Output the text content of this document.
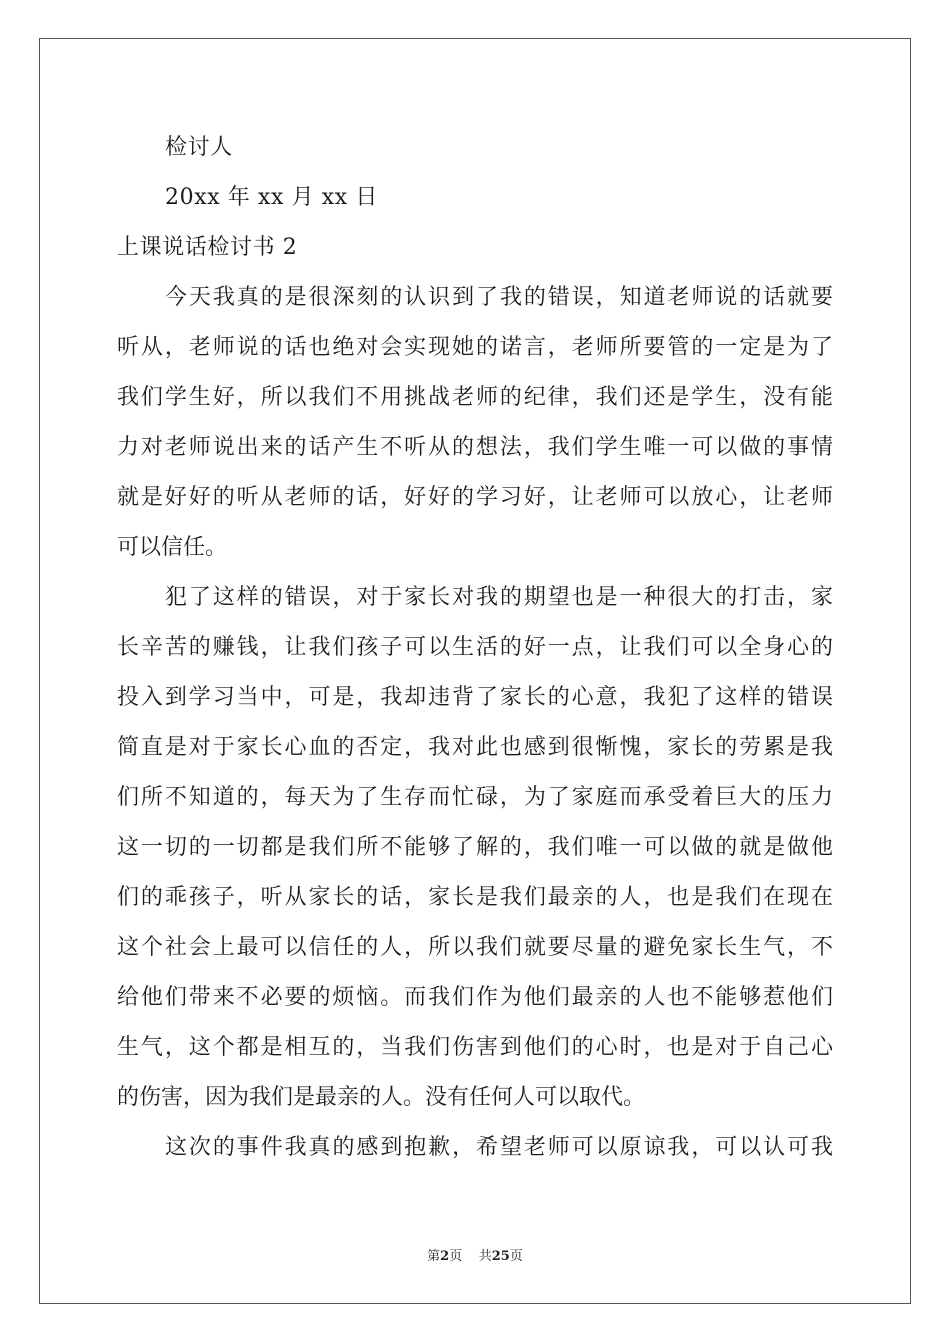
检讨人
20xx 年 xx 月 xx 日
上课说话检讨书 2
今天我真的是很深刻的认识到了我的错误，知道老师说的话就要
听从，老师说的话也绝对会实现她的诺言，老师所要管的一定是为了
我们学生好，所以我们不用挑战老师的纪律，我们还是学生，没有能
力对老师说出来的话产生不听从的想法，我们学生唯一可以做的事情
就是好好的听从老师的话，好好的学习好，让老师可以放心，让老师
可以信任。
犯了这样的错误，对于家长对我的期望也是一种很大的打击，家
长辛苦的赚钱，让我们孩子可以生活的好一点，让我们可以全身心的
投入到学习当中，可是，我却违背了家长的心意，我犯了这样的错误
简直是对于家长心血的否定，我对此也感到很惭愧，家长的劳累是我
们所不知道的，每天为了生存而忙碌，为了家庭而承受着巨大的压力
这一切的一切都是我们所不能够了解的，我们唯一可以做的就是做他
们的乖孩子，听从家长的话，家长是我们最亲的人，也是我们在现在
这个社会上最可以信任的人，所以我们就要尽量的避免家长生气，不
给他们带来不必要的烦恼。而我们作为他们最亲的人也不能够惹他们
生气，这个都是相互的，当我们伤害到他们的心时，也是对于自己心
的伤害，因为我们是最亲的人。没有任何人可以取代。
这次的事件我真的感到抱歉，希望老师可以原谅我，可以认可我
第2页 共25页
